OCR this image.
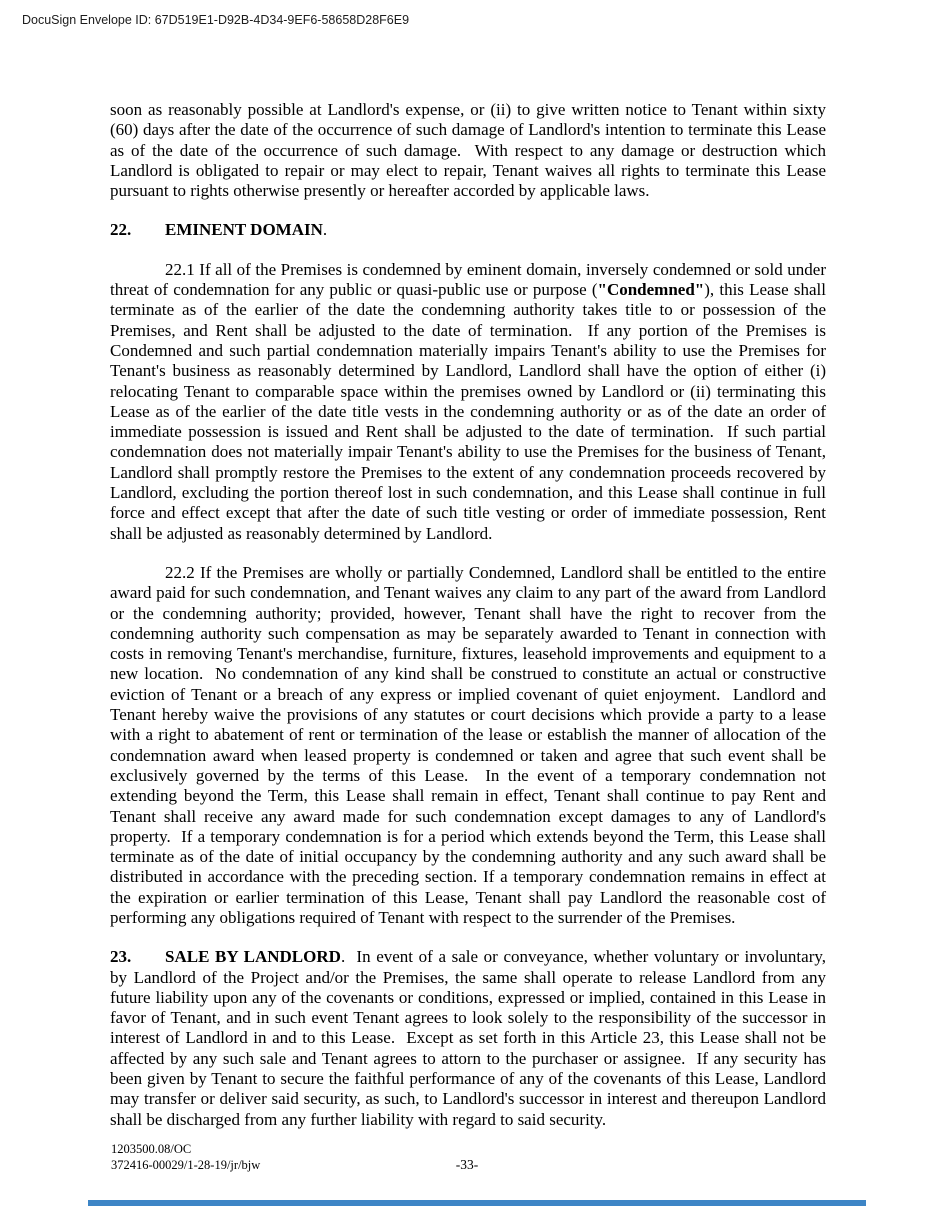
DocuSign Envelope ID: 67D519E1-D92B-4D34-9EF6-58658D28F6E9
soon as reasonably possible at Landlord's expense, or (ii) to give written notice to Tenant within sixty (60) days after the date of the occurrence of such damage of Landlord's intention to terminate this Lease as of the date of the occurrence of such damage.  With respect to any damage or destruction which Landlord is obligated to repair or may elect to repair, Tenant waives all rights to terminate this Lease pursuant to rights otherwise presently or hereafter accorded by applicable laws.
22. EMINENT DOMAIN.
22.1 If all of the Premises is condemned by eminent domain, inversely condemned or sold under threat of condemnation for any public or quasi-public use or purpose ("Condemned"), this Lease shall terminate as of the earlier of the date the condemning authority takes title to or possession of the Premises, and Rent shall be adjusted to the date of termination.  If any portion of the Premises is Condemned and such partial condemnation materially impairs Tenant's ability to use the Premises for Tenant's business as reasonably determined by Landlord, Landlord shall have the option of either (i) relocating Tenant to comparable space within the premises owned by Landlord or (ii) terminating this Lease as of the earlier of the date title vests in the condemning authority or as of the date an order of immediate possession is issued and Rent shall be adjusted to the date of termination.  If such partial condemnation does not materially impair Tenant's ability to use the Premises for the business of Tenant, Landlord shall promptly restore the Premises to the extent of any condemnation proceeds recovered by Landlord, excluding the portion thereof lost in such condemnation, and this Lease shall continue in full force and effect except that after the date of such title vesting or order of immediate possession, Rent shall be adjusted as reasonably determined by Landlord.
22.2 If the Premises are wholly or partially Condemned, Landlord shall be entitled to the entire award paid for such condemnation, and Tenant waives any claim to any part of the award from Landlord or the condemning authority; provided, however, Tenant shall have the right to recover from the condemning authority such compensation as may be separately awarded to Tenant in connection with costs in removing Tenant's merchandise, furniture, fixtures, leasehold improvements and equipment to a new location.  No condemnation of any kind shall be construed to constitute an actual or constructive eviction of Tenant or a breach of any express or implied covenant of quiet enjoyment.  Landlord and Tenant hereby waive the provisions of any statutes or court decisions which provide a party to a lease with a right to abatement of rent or termination of the lease or establish the manner of allocation of the condemnation award when leased property is condemned or taken and agree that such event shall be exclusively governed by the terms of this Lease.  In the event of a temporary condemnation not extending beyond the Term, this Lease shall remain in effect, Tenant shall continue to pay Rent and Tenant shall receive any award made for such condemnation except damages to any of Landlord's property.  If a temporary condemnation is for a period which extends beyond the Term, this Lease shall terminate as of the date of initial occupancy by the condemning authority and any such award shall be distributed in accordance with the preceding section. If a temporary condemnation remains in effect at the expiration or earlier termination of this Lease, Tenant shall pay Landlord the reasonable cost of performing any obligations required of Tenant with respect to the surrender of the Premises.
23. SALE BY LANDLORD.  In event of a sale or conveyance, whether voluntary or involuntary, by Landlord of the Project and/or the Premises, the same shall operate to release Landlord from any future liability upon any of the covenants or conditions, expressed or implied, contained in this Lease in favor of Tenant, and in such event Tenant agrees to look solely to the responsibility of the successor in interest of Landlord in and to this Lease.  Except as set forth in this Article 23, this Lease shall not be affected by any such sale and Tenant agrees to attorn to the purchaser or assignee.  If any security has been given by Tenant to secure the faithful performance of any of the covenants of this Lease, Landlord may transfer or deliver said security, as such, to Landlord's successor in interest and thereupon Landlord shall be discharged from any further liability with regard to said security.
1203500.08/OC
372416-00029/1-28-19/jr/bjw	-33-
